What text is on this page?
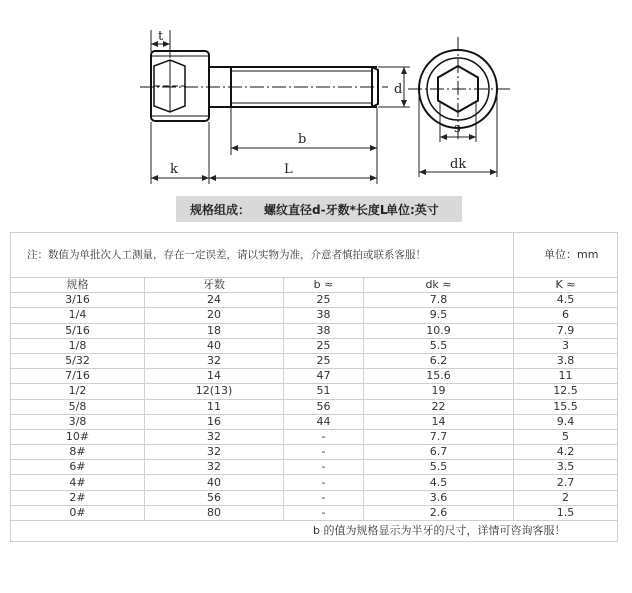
t
d
b
k	L
s
dk
规格组成： 螺纹直径d-牙数*长度L
单位:英寸
注：数值为单批次人工测量，存在一定误差，请以实物为准，介意者慎拍或联系客服！				单位：mm
规格	牙数	b ≈	dk ≈	K ≈
3/16	24	25	7.8	4.5
1/4	20	38	9.5	6
5/16	18	38	10.9	7.9
1/8	40	25	5.5	3
5/32	32	25	6.2	3.8
7/16	14	47	15.6	11
1/2	12(13)	51	19	12.5
5/8	11	56	22	15.5
3/8	16	44	14	9.4
10#	32	-	7.7	5
8#	32	-	6.7	4.2
6#	32	-	5.5	3.5
4#	40	-	4.5	2.7
2#	56	-	3.6	2
0#	80	-	2.6	1.5
b 的值为规格显示为半牙的尺寸，详情可咨询客服！				
